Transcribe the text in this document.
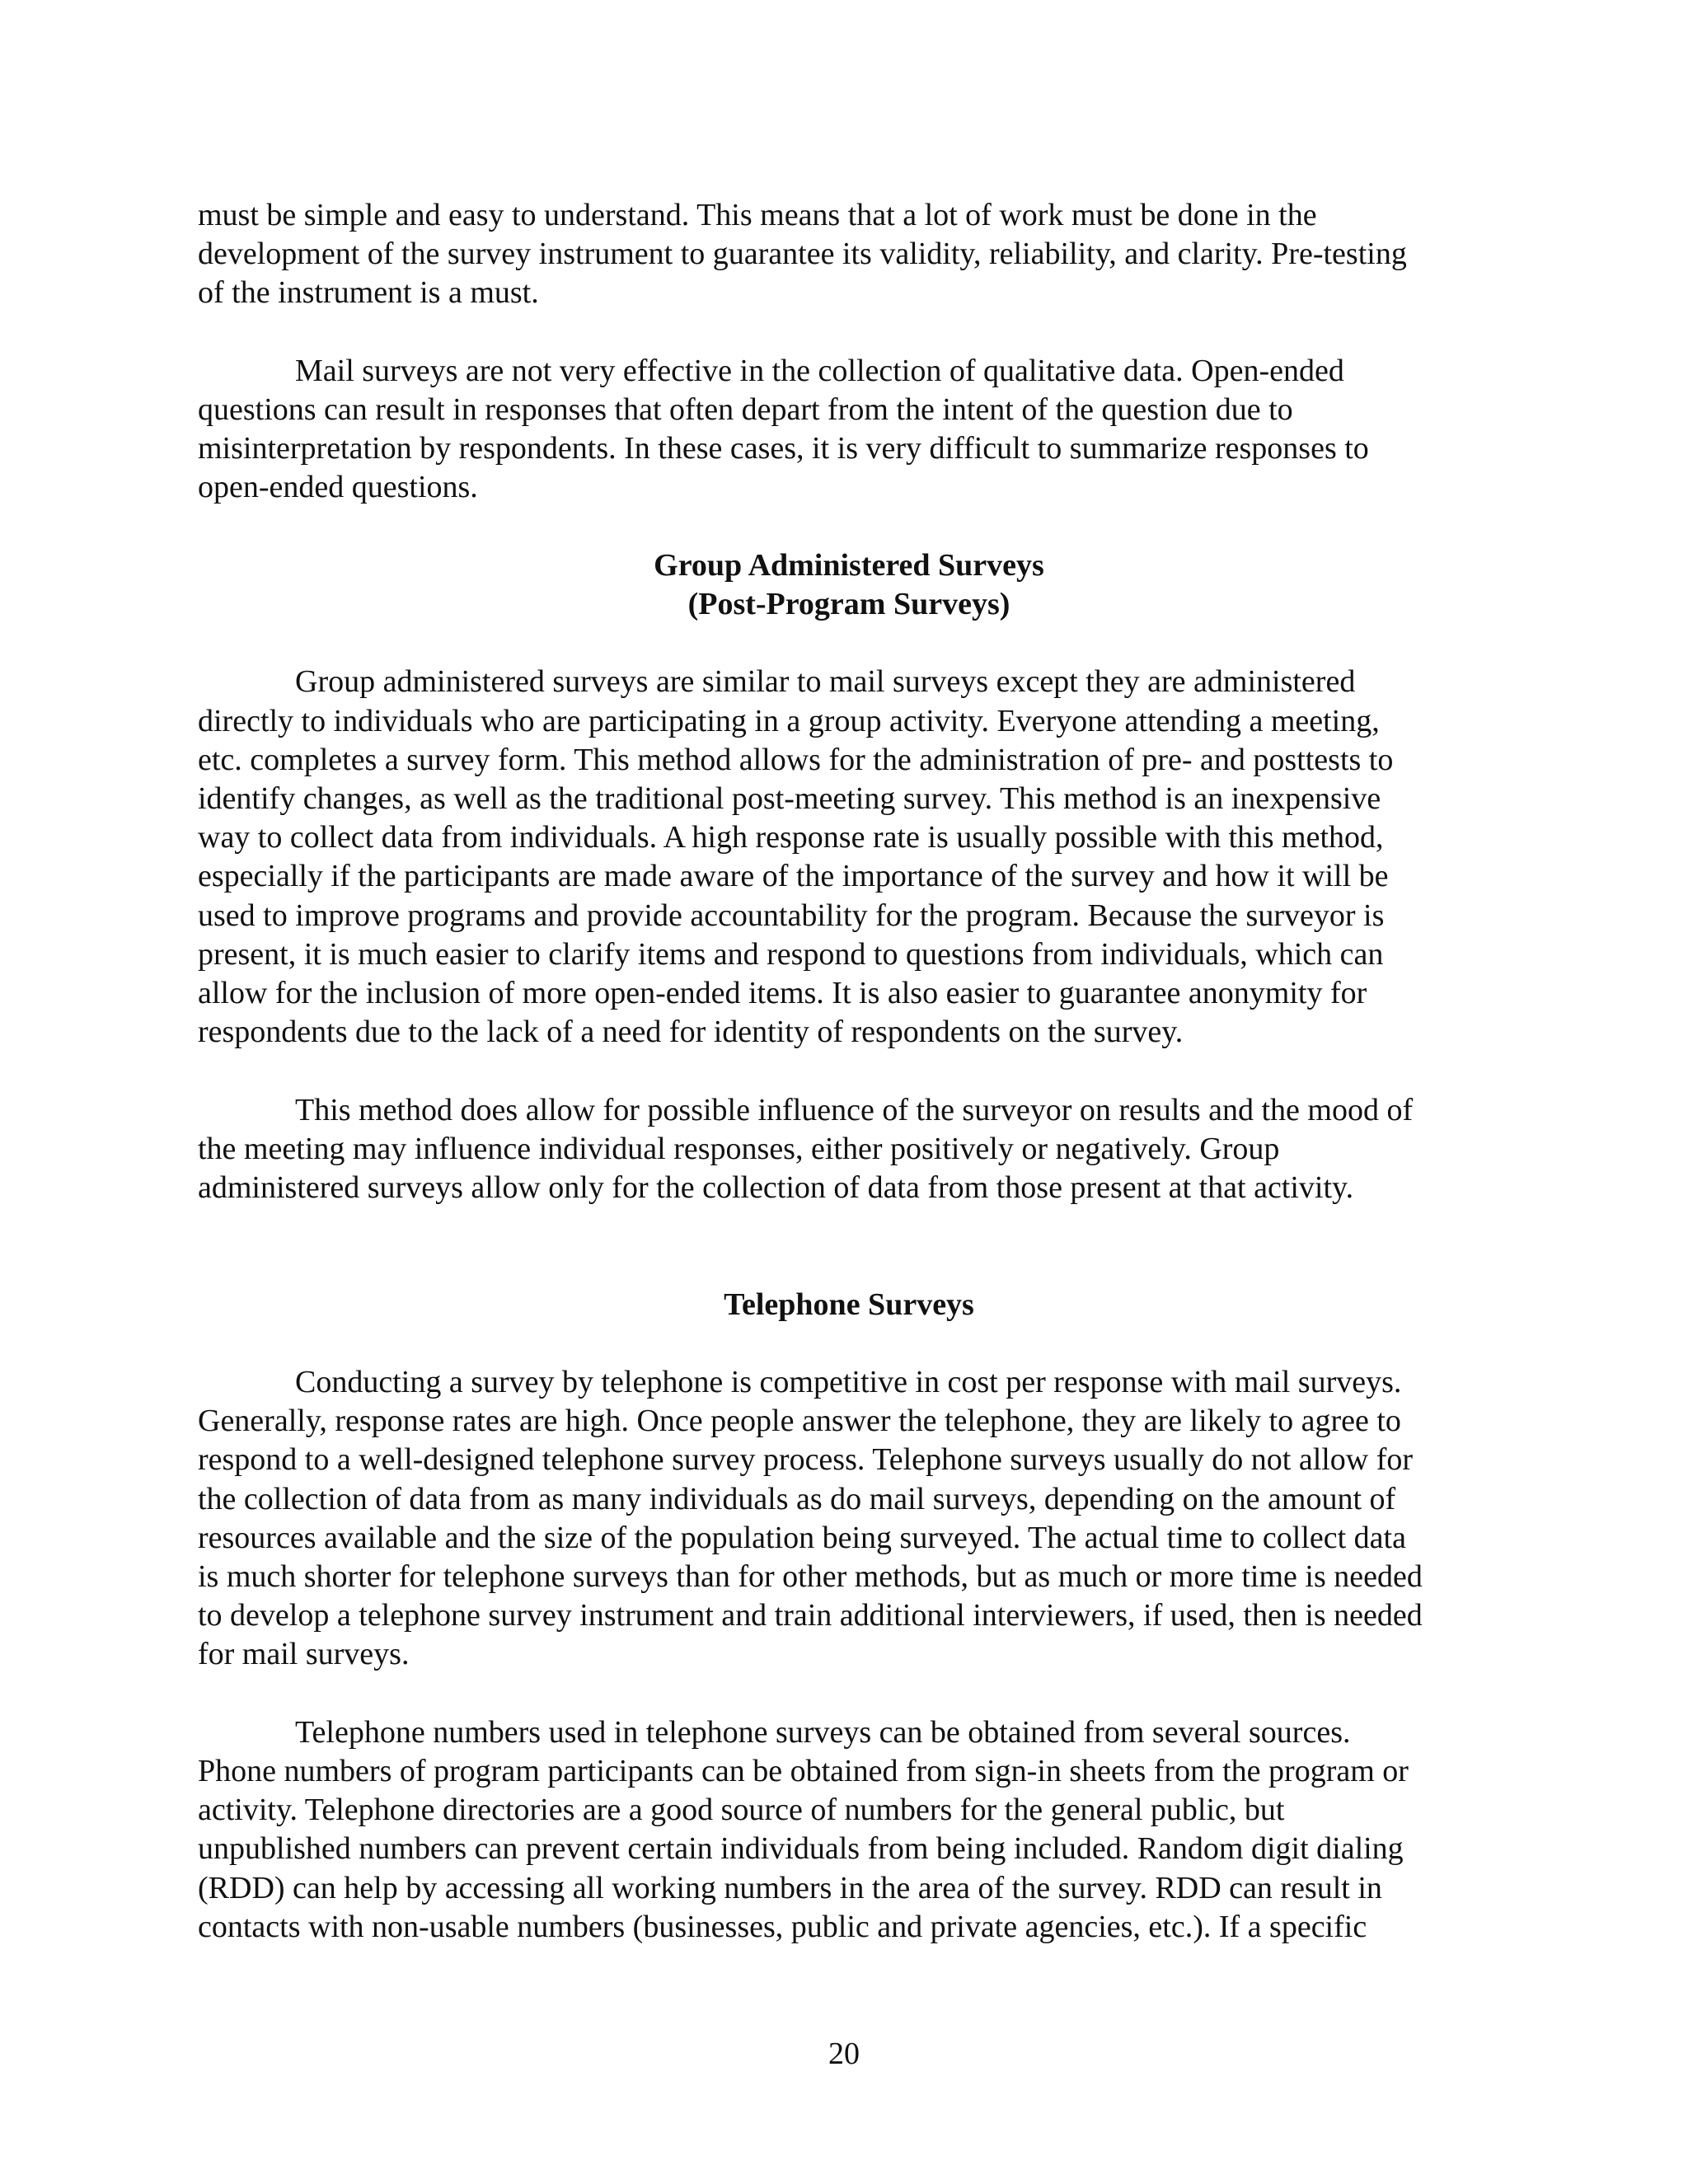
must be simple and easy to understand. This means that a lot of work must be done in the
development of the survey instrument to guarantee its validity, reliability, and clarity. Pre-testing
of the instrument is a must.

Mail surveys are not very effective in the collection of qualitative data. Open-ended
questions can result in responses that often depart from the intent of the question due to
misinterpretation by respondents. In these cases, it is very difficult to summarize responses to
open-ended questions.

Group Administered Surveys
(Post-Program Surveys)

Group administered surveys are similar to mail surveys except they are administered
directly to individuals who are participating in a group activity. Everyone attending a meeting,
etc. completes a survey form. This method allows for the administration of pre- and posttests to
identify changes, as well as the traditional post-meeting survey. This method is an inexpensive
way to collect data from individuals. A high response rate is usually possible with this method,
especially if the participants are made aware of the importance of the survey and how it will be
used to improve programs and provide accountability for the program. Because the surveyor is
present, it is much easier to clarify items and respond to questions from individuals, which can
allow for the inclusion of more open-ended items. It is also easier to guarantee anonymity for
respondents due to the lack of a need for identity of respondents on the survey.

This method does allow for possible influence of the surveyor on results and the mood of
the meeting may influence individual responses, either positively or negatively. Group
administered surveys allow only for the collection of data from those present at that activity.

Telephone Surveys

Conducting a survey by telephone is competitive in cost per response with mail surveys.
Generally, response rates are high. Once people answer the telephone, they are likely to agree to
respond to a well-designed telephone survey process. Telephone surveys usually do not allow for
the collection of data from as many individuals as do mail surveys, depending on the amount of
resources available and the size of the population being surveyed. The actual time to collect data
is much shorter for telephone surveys than for other methods, but as much or more time is needed
to develop a telephone survey instrument and train additional interviewers, if used, then is needed
for mail surveys.

Telephone numbers used in telephone surveys can be obtained from several sources.
Phone numbers of program participants can be obtained from sign-in sheets from the program or
activity. Telephone directories are a good source of numbers for the general public, but
unpublished numbers can prevent certain individuals from being included. Random digit dialing
(RDD) can help by accessing all working numbers in the area of the survey. RDD can result in
contacts with non-usable numbers (businesses, public and private agencies, etc.). If a specific

20
